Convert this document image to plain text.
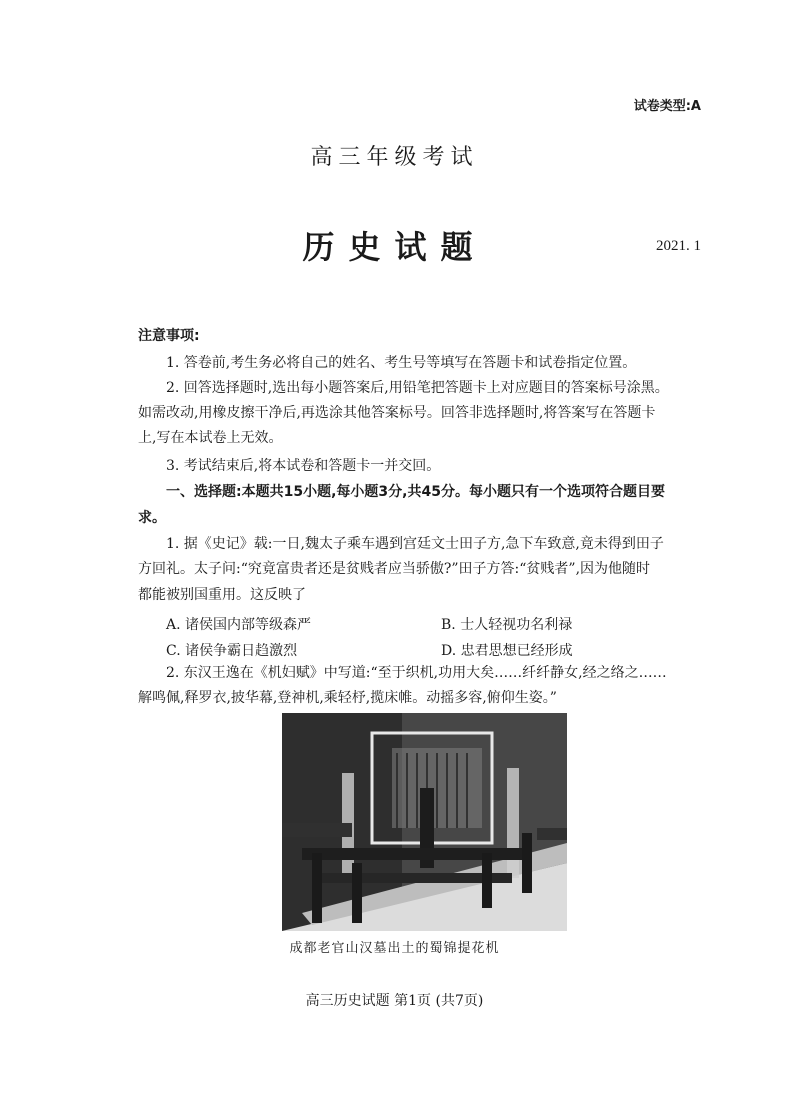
试卷类型:A
高三年级考试
历史试题	2021. 1
注意事项:
1. 答卷前,考生务必将自己的姓名、考生号等填写在答题卡和试卷指定位置。
2. 回答选择题时,选出每小题答案后,用铅笔把答题卡上对应题目的答案标号涂黑。
如需改动,用橡皮擦干净后,再选涂其他答案标号。回答非选择题时,将答案写在答题卡
上,写在本试卷上无效。
3. 考试结束后,将本试卷和答题卡一并交回。
一、选择题:本题共15小题,每小题3分,共45分。每小题只有一个选项符合题目要
求。
1. 据《史记》载:一日,魏太子乘车遇到宫廷文士田子方,急下车致意,竟未得到田子
方回礼。太子问:“究竟富贵者还是贫贱者应当骄傲?”田子方答:“贫贱者”,因为他随时
都能被别国重用。这反映了
A. 诸侯国内部等级森严	B. 士人轻视功名利禄
C. 诸侯争霸日趋激烈	D. 忠君思想已经形成
2. 东汉王逸在《机妇赋》中写道:“至于织机,功用大矣……纤纤静女,经之络之……
解鸣佩,释罗衣,披华幕,登神机,乘轻杼,揽床帷。动摇多容,俯仰生姿。”
成都老官山汉墓出土的蜀锦提花机
高三历史试题 第1页 (共7页)
